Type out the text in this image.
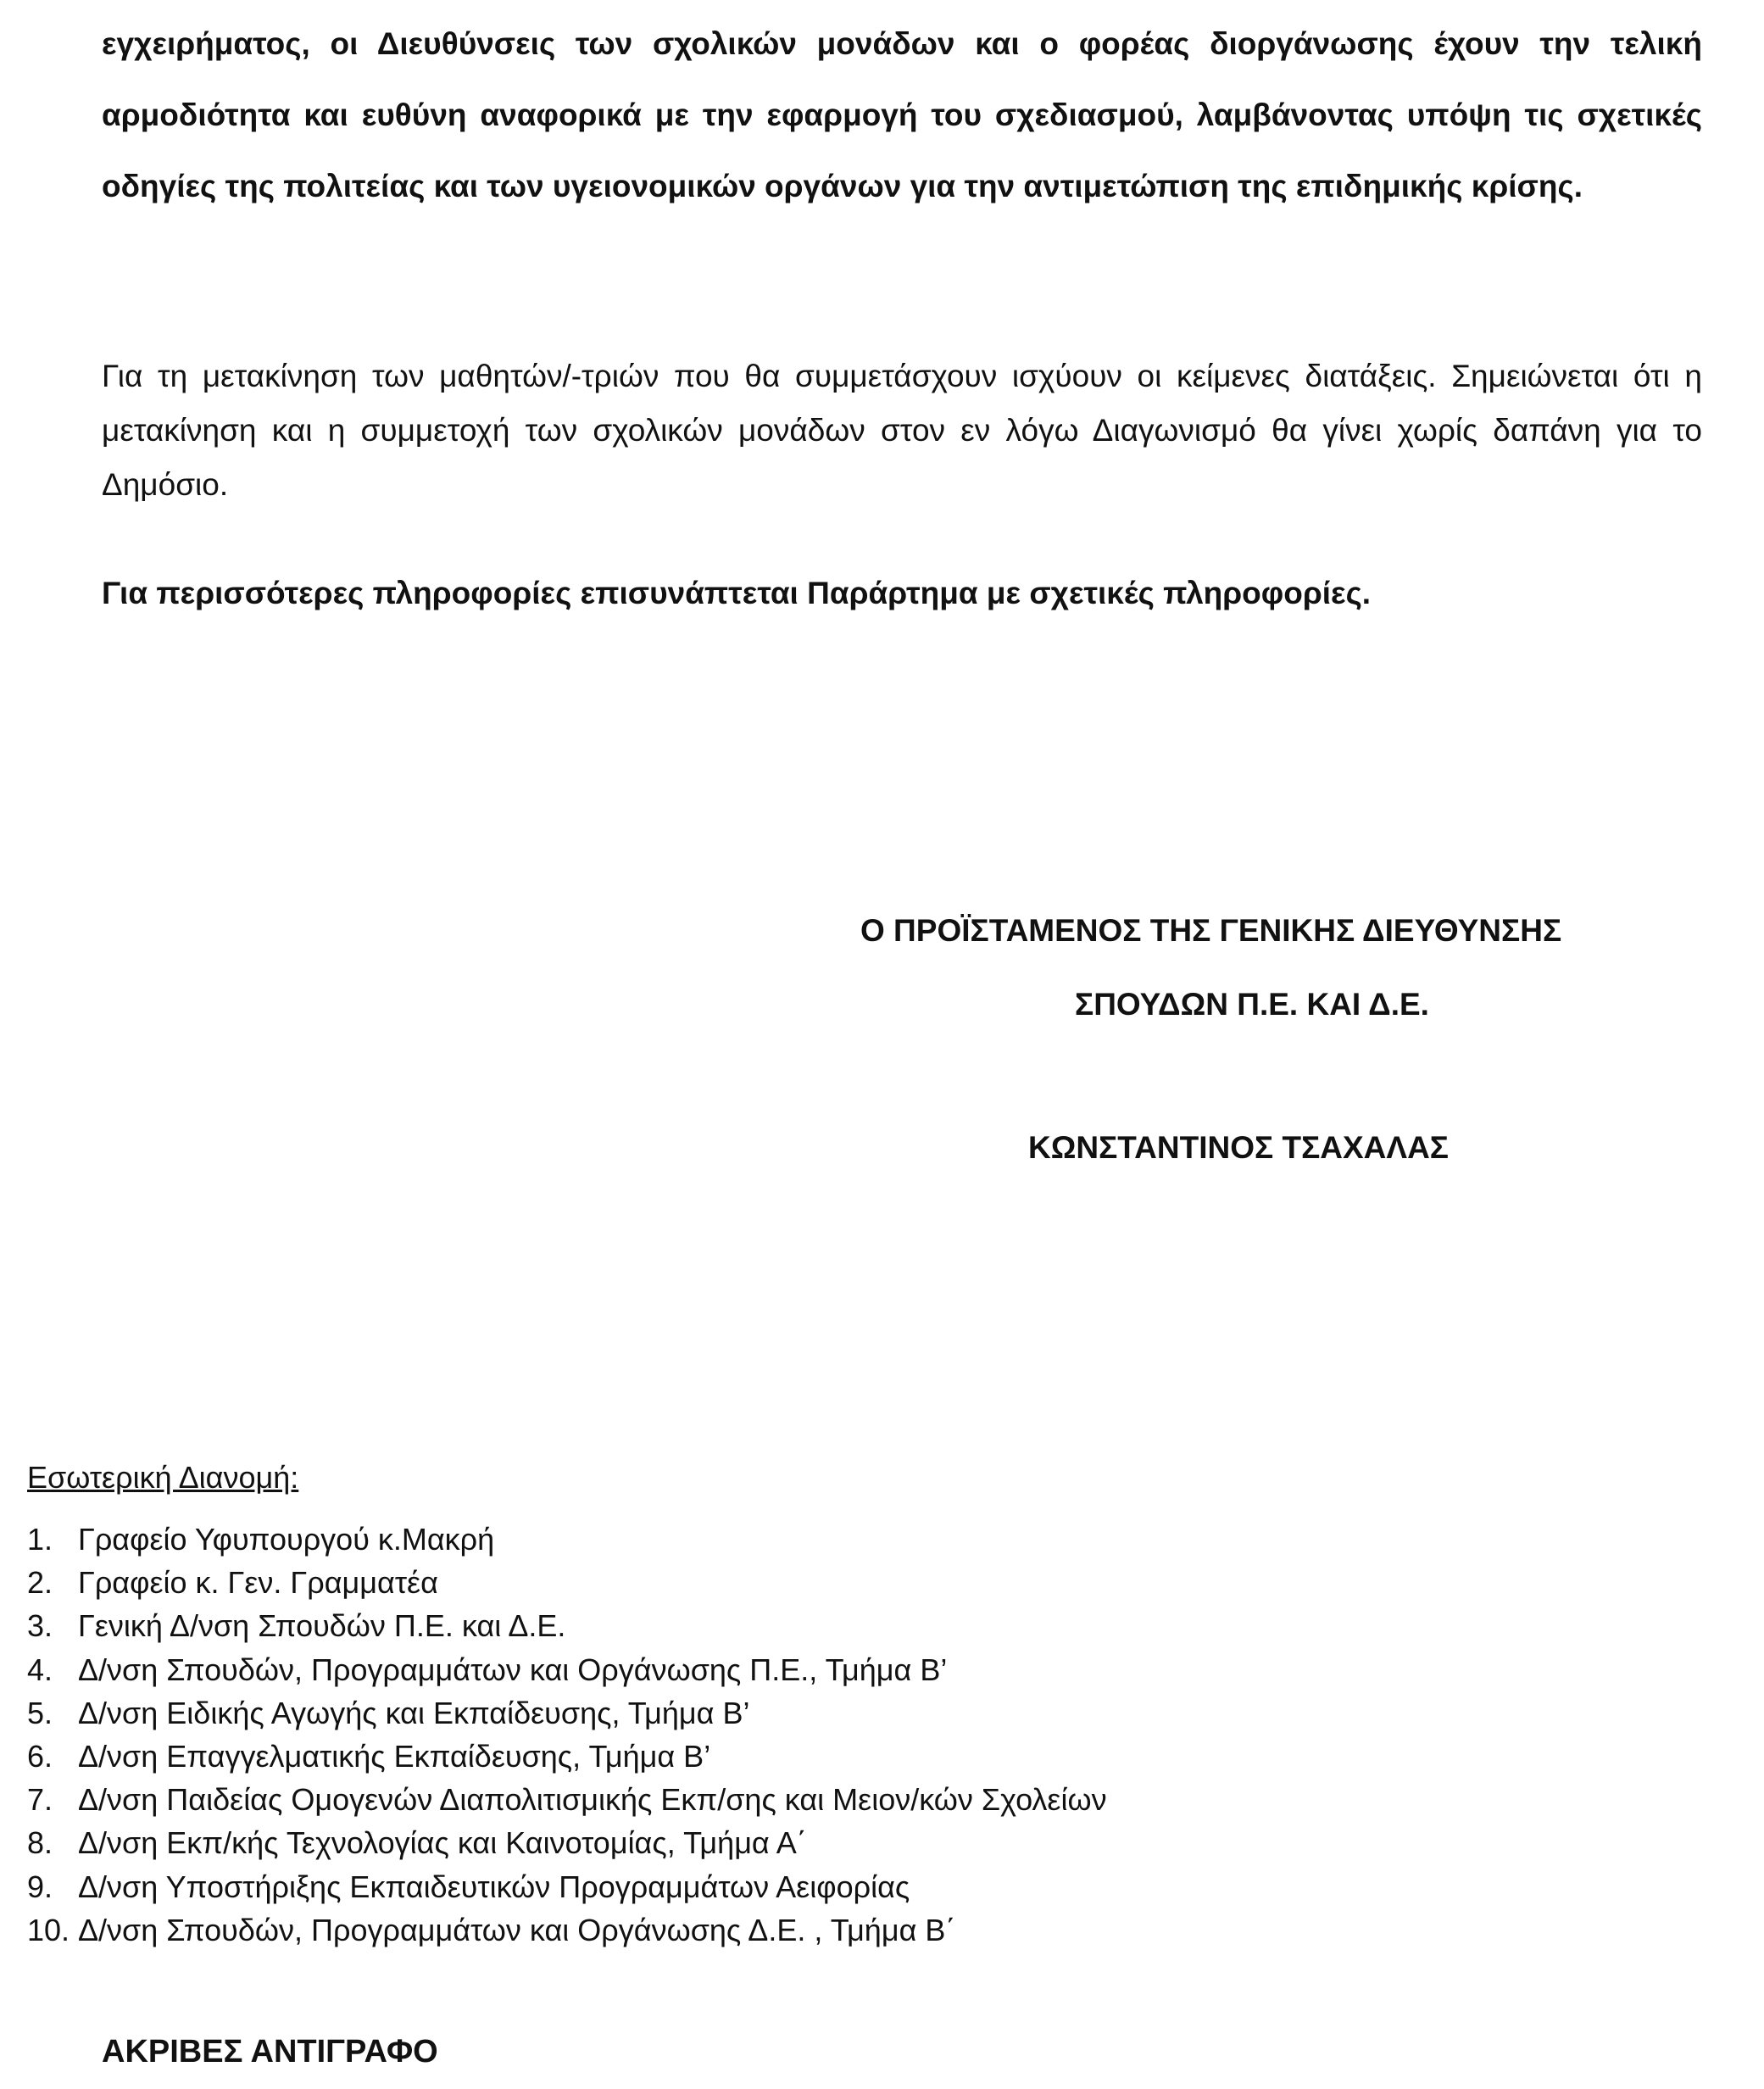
εγχειρήματος, οι Διευθύνσεις των σχολικών μονάδων και ο φορέας διοργάνωσης έχουν την τελική αρμοδιότητα και ευθύνη αναφορικά με την εφαρμογή του σχεδιασμού, λαμβάνοντας υπόψη τις σχετικές οδηγίες της πολιτείας και των υγειονομικών οργάνων για την αντιμετώπιση της επιδημικής κρίσης.
Για τη μετακίνηση των μαθητών/-τριών που θα συμμετάσχουν ισχύουν οι κείμενες διατάξεις. Σημειώνεται ότι η μετακίνηση και η συμμετοχή των σχολικών μονάδων στον εν λόγω Διαγωνισμό θα γίνει χωρίς δαπάνη για το Δημόσιο.
Για περισσότερες πληροφορίες επισυνάπτεται Παράρτημα με σχετικές πληροφορίες.
Ο ΠΡΟΪΣΤΑΜΕΝΟΣ ΤΗΣ ΓΕΝΙΚΗΣ ΔΙΕΥΘΥΝΣΗΣ
ΣΠΟΥΔΩΝ Π.Ε. ΚΑΙ Δ.Ε.
ΚΩΝΣΤΑΝΤΙΝΟΣ ΤΣΑΧΑΛΑΣ
Εσωτερική Διανομή:
1. Γραφείο Υφυπουργού κ.Μακρή
2. Γραφείο κ. Γεν. Γραμματέα
3. Γενική Δ/νση Σπουδών Π.Ε. και Δ.Ε.
4. Δ/νση Σπουδών, Προγραμμάτων και Οργάνωσης Π.Ε., Τμήμα Β’
5. Δ/νση Ειδικής Αγωγής και Εκπαίδευσης, Τμήμα Β’
6. Δ/νση Επαγγελματικής Εκπαίδευσης, Τμήμα Β’
7. Δ/νση Παιδείας Ομογενών Διαπολιτισμικής Εκπ/σης και Μειον/κών Σχολείων
8. Δ/νση Εκπ/κής Τεχνολογίας και Καινοτομίας, Τμήμα Α΄
9. Δ/νση Υποστήριξης Εκπαιδευτικών Προγραμμάτων Αειφορίας
10. Δ/νση Σπουδών, Προγραμμάτων και Οργάνωσης Δ.Ε. , Τμήμα Β΄
ΑΚΡΙΒΕΣ ΑΝΤΙΓΡΑΦΟ
